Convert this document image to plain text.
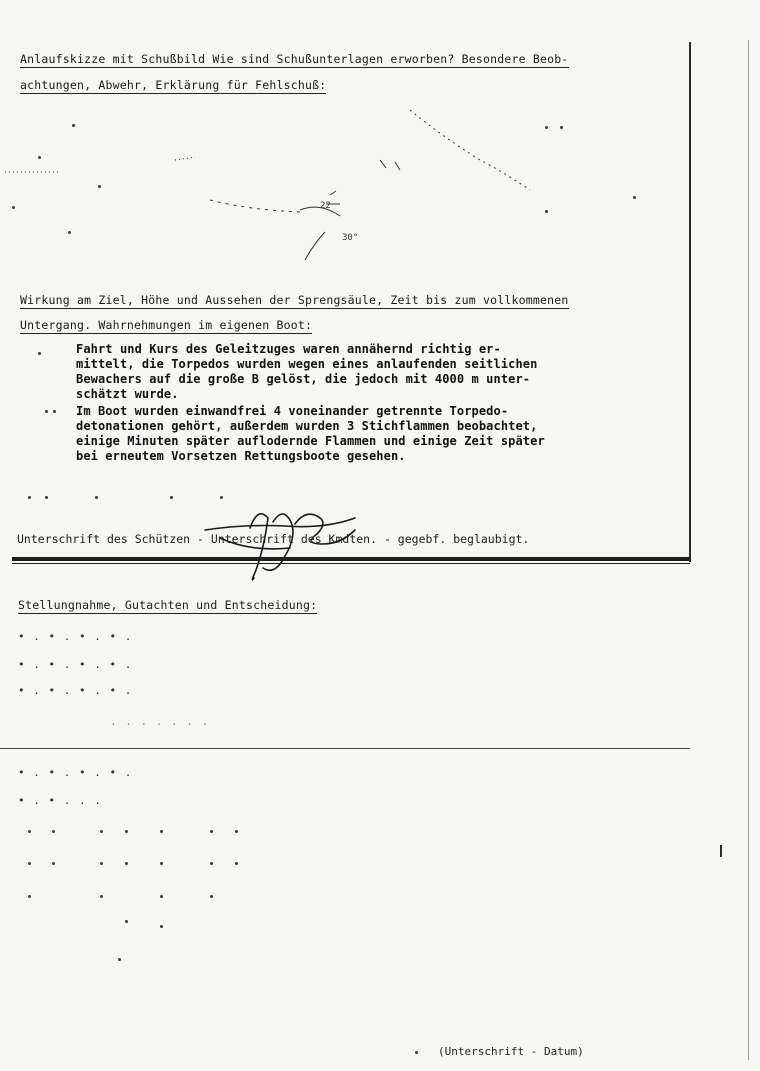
Anlaufskizze mit Schußbild Wie sind Schußunterlagen erworben? Besondere Beob-
achtungen, Abwehr, Erklärung für Fehlschuß:
22
30°
Wirkung am Ziel, Höhe und Aussehen der Sprengsäule, Zeit bis zum vollkommenen
Untergang. Wahrnehmungen im eigenen Boot:
Fahrt und Kurs des Geleitzuges waren annähernd richtig er-
mittelt, die Torpedos wurden wegen eines anlaufenden seitlichen
Bewachers auf die große B gelöst, die jedoch mit 4000 m unter-
schätzt wurde.
Im Boot wurden einwandfrei 4 voneinander getrennte Torpedo-
detonationen gehört, außerdem wurden 3 Stichflammen beobachtet,
einige Minuten später auflodernde Flammen und einige Zeit später
bei erneutem Vorsetzen Rettungsboote gesehen.
Unterschrift des Schützen - Unterschrift des Kmdten. - gegebf. beglaubigt.
Stellungnahme, Gutachten und Entscheidung:
• . • . • . • .
• . • . • . • .
• . • . • . • .
. . . . . . .
• . • . • . • .
• . • . . .
(Unterschrift - Datum)
